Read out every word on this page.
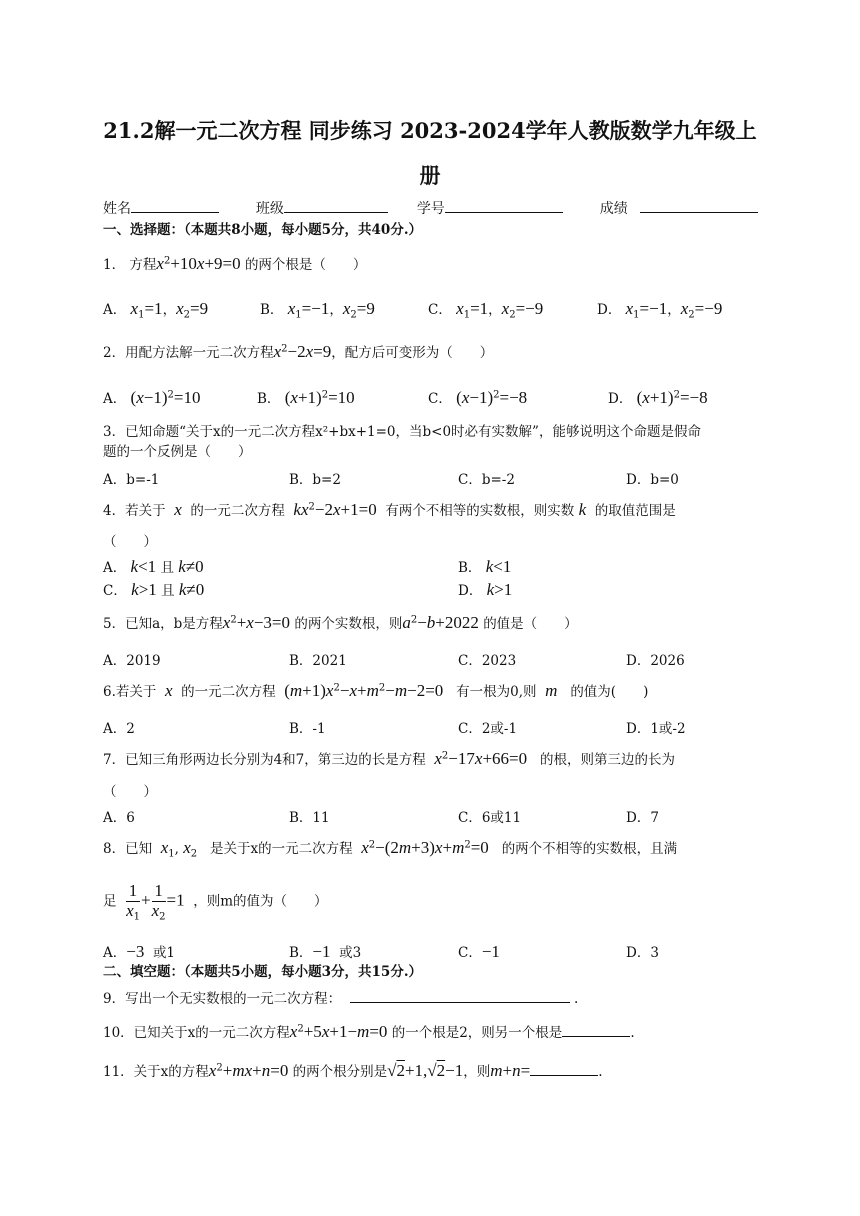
21.2解一元二次方程 同步练习 2023-2024学年人教版数学九年级上
册
姓名	班级	学号	成绩
一、选择题：（本题共8小题，每小题5分，共40分.）
1． 方程$x^2+10x+9=0$ 的两个根是（　　）
A． $x_1=1$，$x_2=9$	B． $x_1=-1$，$x_2=9$	C． $x_1=1$，$x_2=-9$	D． $x_1=-1$，$x_2=-9$
2．用配方法解一元二次方程$x^2-2x=9$，配方后可变形为（　　）
A． $(x-1)^2=10$	B． $(x+1)^2=10$	C． $(x-1)^2=-8$	D． $(x+1)^2=-8$
3．已知命题“关于x的一元二次方程x²+bx+1=0，当b<0时必有实数解”，能够说明这个命题是假命
题的一个反例是（　　）
A．b=-1	B．b=2	C．b=-2	D．b=0
4．若关于 x 的一元二次方程 $kx^2-2x+1=0$ 有两个不相等的实数根，则实数 k 的取值范围是
（　　）
A． k<1 且 k≠0	B． k<1
C． k>1 且 k≠0	D． k>1
5．已知a，b是方程$x^2+x-3=0$ 的两个实数根，则$a^2-b+2022$ 的值是（　　）
A．2019	B．2021	C．2023	D．2026
6.若关于 x 的一元二次方程 $(m+1)x^2-x+m^2-m-2=0$ 有一根为0,则 m 的值为(　　)
A．2	B．-1	C．2或-1	D．1或-2
7．已知三角形两边长分别为4和7，第三边的长是方程 $x^2-17x+66=0$ 的根，则第三边的长为
（　　）
A．6	B．11	C．6或11	D．7
8．已知 $x_1$, $x_2$ 是关于x的一元二次方程 $x^2-(2m+3)x+m^2=0$ 的两个不相等的实数根，且满
足
1
$x_1$
+
1
$x_2$
=1 ，则m的值为（　　）
A．−3 或1	B．−1 或3	C．−1	D．3
二、填空题：（本题共5小题，每小题3分，共15分.）
9．写出一个无实数根的一元二次方程：	.
10．已知关于x的一元二次方程$x^2+5x+1-m=0$ 的一个根是2，则另一个根是	.
11．关于x的方程$x^2+mx+n=0$ 的两个根分别是√2+1,√2−1，则m+n=	.
